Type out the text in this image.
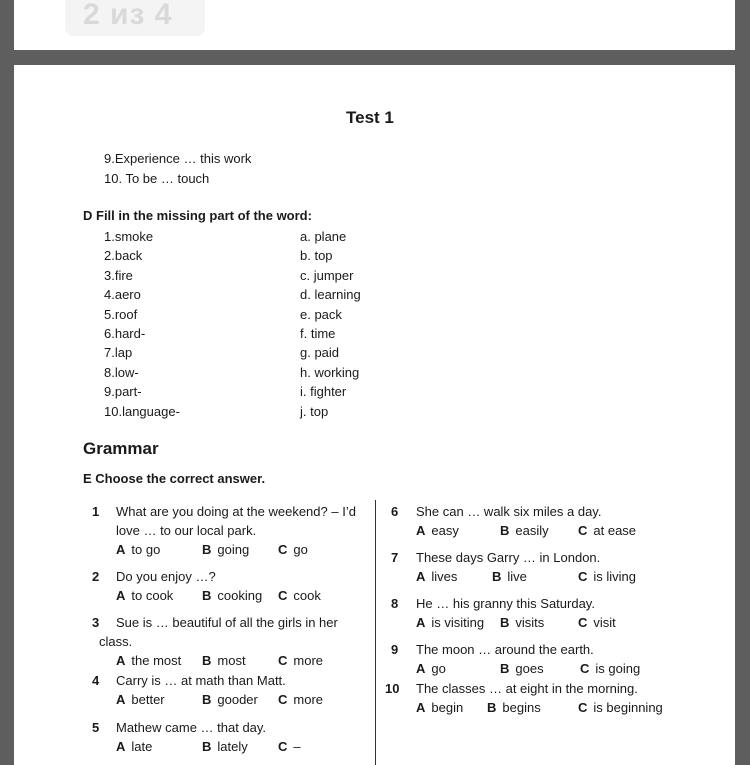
2 из 4
Test 1
9.Experience … this work
10. To be … touch
D Fill in the missing part of the word:
1.smoke	a. plane
2.back	b. top
3.fire	c. jumper
4.aero	d. learning
5.roof	e. pack
6.hard-	f. time
7.lap	g. paid
8.low-	h. working
9.part-	i. fighter
10.language-	j. top
Grammar
E Choose the correct answer.
1 What are you doing at the weekend? – I’d
love … to our local park.
A to go	B going C go
2 Do you enjoy …?
A to cook B cooking C cook
3 Sue is … beautiful of all the girls in her
class.
A the most B most C more
4 Carry is … at math than Matt.
A better	B gooder C more
5 Mathew came … that day.
A late	B lately C –
6 She can … walk six miles a day.
A easy	B easily C at ease
7 These days Garry … in London.
A lives	B live	C is living
8 He … his granny this Saturday.
A is visiting B visits	C visit
9 The moon … around the earth.
A go	B goes	C is going
10 The classes … at eight in the morning.
A begin B begins	C is beginning
